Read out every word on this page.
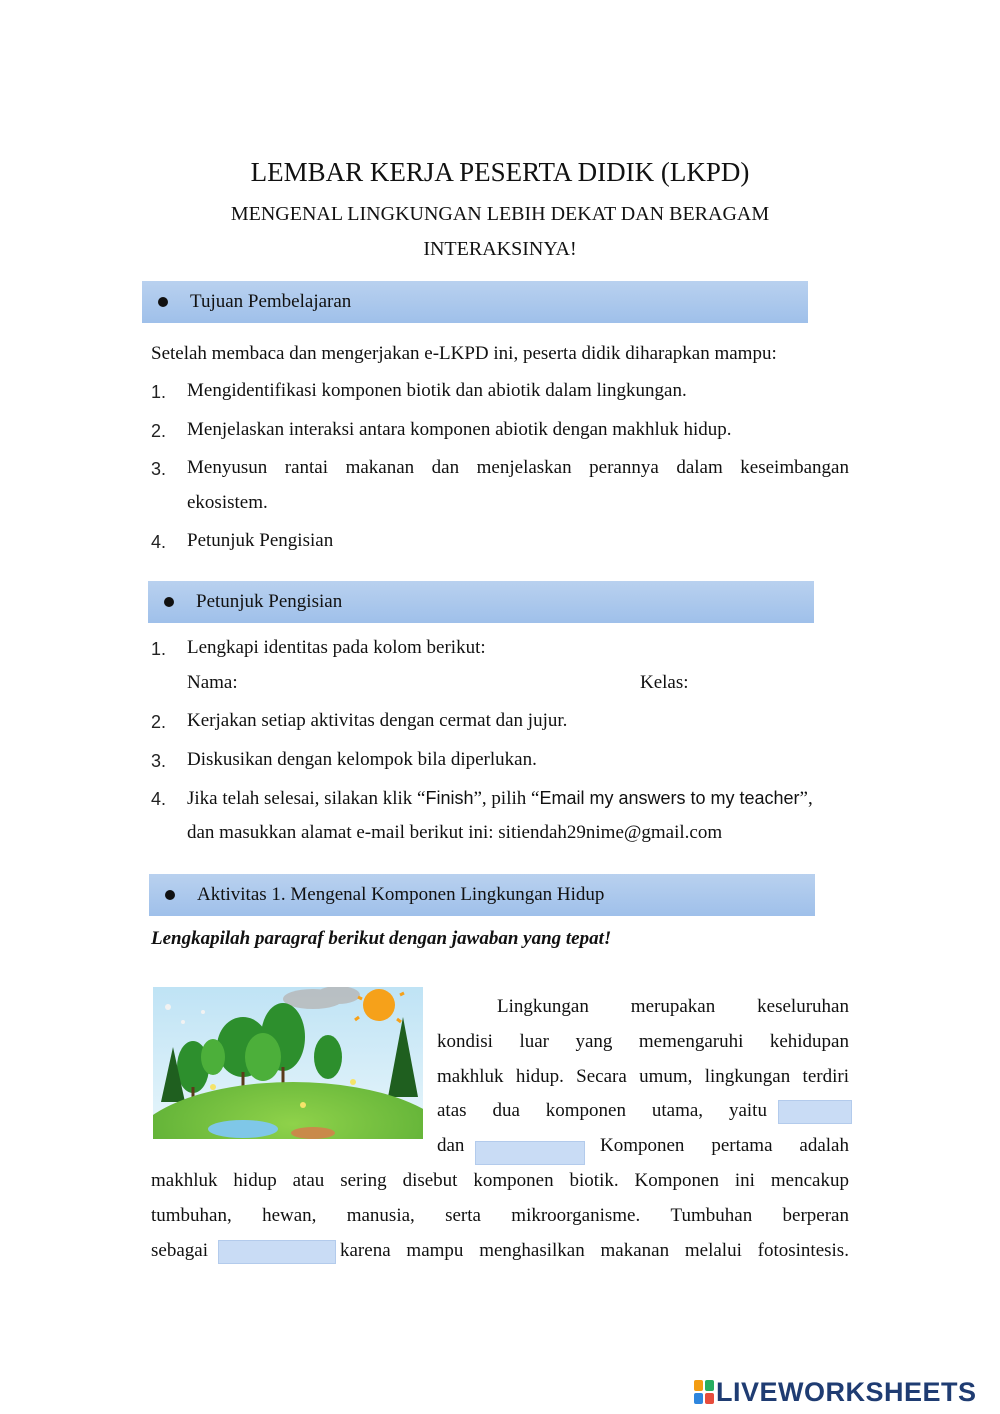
LEMBAR KERJA PESERTA DIDIK (LKPD)
MENGENAL LINGKUNGAN LEBIH DEKAT DAN BERAGAM
INTERAKSINYA!
Tujuan Pembelajaran
Setelah membaca dan mengerjakan e-LKPD ini, peserta didik diharapkan mampu:
1. Mengidentifikasi komponen biotik dan abiotik dalam lingkungan.
2. Menjelaskan interaksi antara komponen abiotik dengan makhluk hidup.
3. Menyusun rantai makanan dan menjelaskan perannya dalam keseimbangan
ekosistem.
4. Petunjuk Pengisian
Petunjuk Pengisian
1. Lengkapi identitas pada kolom berikut:
Nama:	Kelas:
2. Kerjakan setiap aktivitas dengan cermat dan jujur.
3. Diskusikan dengan kelompok bila diperlukan.
4. Jika telah selesai, silakan klik “Finish”, pilih “Email my answers to my teacher”,
dan masukkan alamat e-mail berikut ini: sitiendah29nime@gmail.com
Aktivitas 1. Mengenal Komponen Lingkungan Hidup
Lengkapilah paragraf berikut dengan jawaban yang tepat!
Lingkungan merupakan keseluruhan
kondisi luar yang memengaruhi kehidupan
makhluk hidup. Secara umum, lingkungan terdiri
atas dua komponen utama, yaitu
dan	Komponen pertama adalah
makhluk hidup atau sering disebut komponen biotik. Komponen ini mencakup
tumbuhan, hewan, manusia, serta mikroorganisme. Tumbuhan berperan
sebagai	karena mampu menghasilkan makanan melalui fotosintesis.
LIVEWORKSHEETS
